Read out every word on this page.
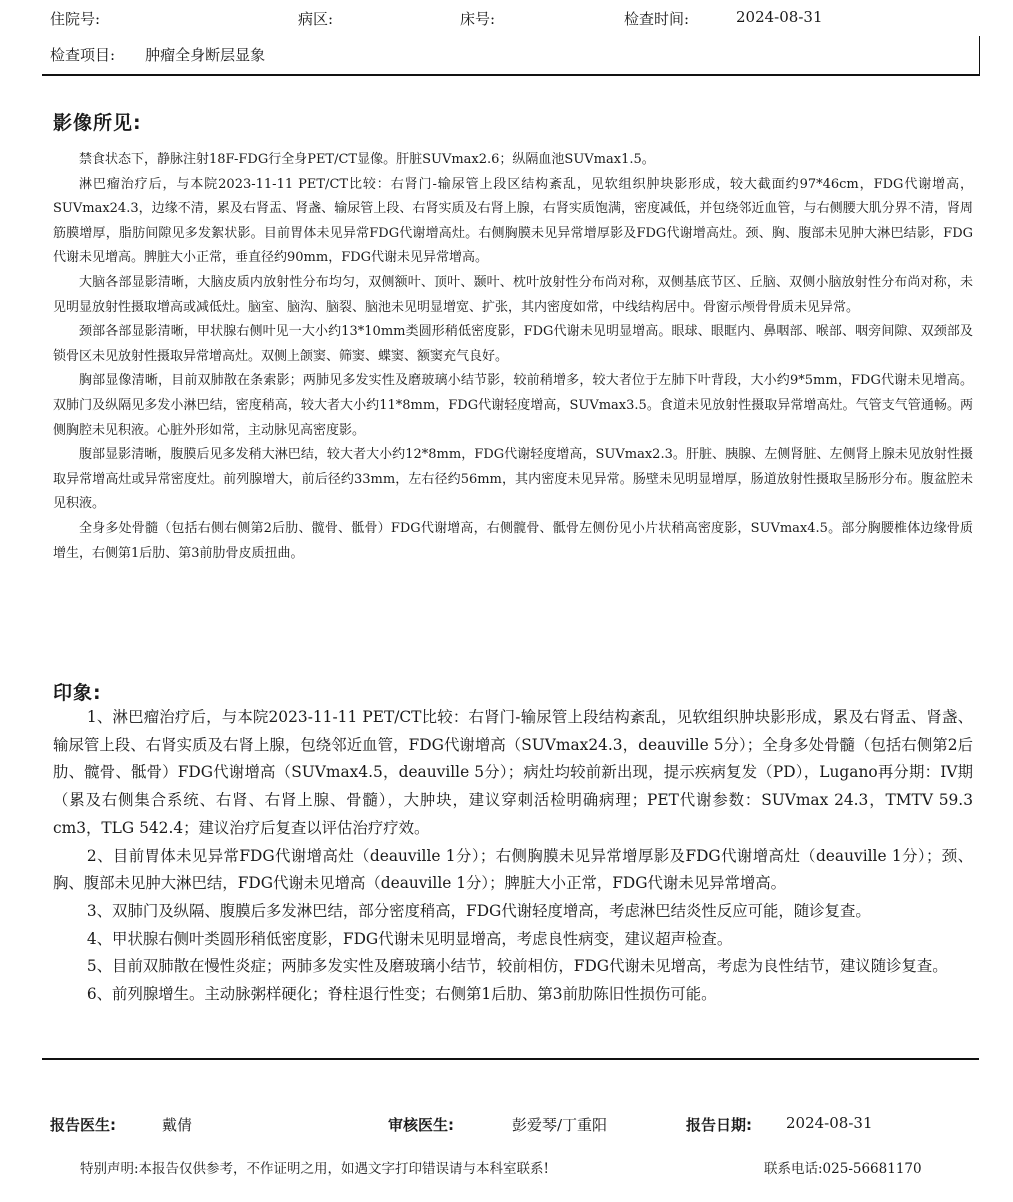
住院号:	病区:	床号:	检查时间:	2024-08-31
检查项目: 肿瘤全身断层显象
影像所见:

禁食状态下，静脉注射18F-FDG行全身PET/CT显像。肝脏SUVmax2.6；纵隔血池SUVmax1.5。

淋巴瘤治疗后，与本院2023-11-11 PET/CT比较：右肾门-输尿管上段区结构紊乱，见软组织肿块影形成，较大截面约97*46cm，FDG代谢增高，SUVmax24.3，边缘不清，累及右肾盂、肾盏、输尿管上段、右肾实质及右肾上腺，右肾实质饱满，密度减低，并包绕邻近血管，与右侧腰大肌分界不清，肾周筋膜增厚，脂肪间隙见多发絮状影。目前胃体未见异常FDG代谢增高灶。右侧胸膜未见异常增厚影及FDG代谢增高灶。颈、胸、腹部未见肿大淋巴结影，FDG代谢未见增高。脾脏大小正常，垂直径约90mm，FDG代谢未见异常增高。

大脑各部显影清晰，大脑皮质内放射性分布均匀，双侧额叶、顶叶、颞叶、枕叶放射性分布尚对称，双侧基底节区、丘脑、双侧小脑放射性分布尚对称，未见明显放射性摄取增高或减低灶。脑室、脑沟、脑裂、脑池未见明显增宽、扩张，其内密度如常，中线结构居中。骨窗示颅骨骨质未见异常。

颈部各部显影清晰，甲状腺右侧叶见一大小约13*10mm类圆形稍低密度影，FDG代谢未见明显增高。眼球、眼眶内、鼻咽部、喉部、咽旁间隙、双颈部及锁骨区未见放射性摄取异常增高灶。双侧上颌窦、筛窦、蝶窦、额窦充气良好。

胸部显像清晰，目前双肺散在条索影；两肺见多发实性及磨玻璃小结节影，较前稍增多，较大者位于左肺下叶背段，大小约9*5mm，FDG代谢未见增高。双肺门及纵隔见多发小淋巴结，密度稍高，较大者大小约11*8mm，FDG代谢轻度增高，SUVmax3.5。食道未见放射性摄取异常增高灶。气管支气管通畅。两侧胸腔未见积液。心脏外形如常，主动脉见高密度影。

腹部显影清晰，腹膜后见多发稍大淋巴结，较大者大小约12*8mm，FDG代谢轻度增高，SUVmax2.3。肝脏、胰腺、左侧肾脏、左侧肾上腺未见放射性摄取异常增高灶或异常密度灶。前列腺增大，前后径约33mm，左右径约56mm，其内密度未见异常。肠壁未见明显增厚，肠道放射性摄取呈肠形分布。腹盆腔未见积液。

全身多处骨髓（包括右侧右侧第2后肋、髋骨、骶骨）FDG代谢增高，右侧髋骨、骶骨左侧份见小片状稍高密度影，SUVmax4.5。部分胸腰椎体边缘骨质增生，右侧第1后肋、第3前肋骨皮质扭曲。

印象:

1、淋巴瘤治疗后，与本院2023-11-11 PET/CT比较：右肾门-输尿管上段结构紊乱，见软组织肿块影形成，累及右肾盂、肾盏、输尿管上段、右肾实质及右肾上腺，包绕邻近血管，FDG代谢增高（SUVmax24.3，deauville 5分）；全身多处骨髓（包括右侧第2后肋、髋骨、骶骨）FDG代谢增高（SUVmax4.5，deauville 5分）；病灶均较前新出现，提示疾病复发（PD），Lugano再分期：IV期（累及右侧集合系统、右肾、右肾上腺、骨髓），大肿块，建议穿刺活检明确病理；PET代谢参数：SUVmax 24.3，TMTV 59.3 cm3，TLG 542.4；建议治疗后复查以评估治疗疗效。

2、目前胃体未见异常FDG代谢增高灶（deauville 1分）；右侧胸膜未见异常增厚影及FDG代谢增高灶（deauville 1分）；颈、胸、腹部未见肿大淋巴结，FDG代谢未见增高（deauville 1分）；脾脏大小正常，FDG代谢未见异常增高。

3、双肺门及纵隔、腹膜后多发淋巴结，部分密度稍高，FDG代谢轻度增高，考虑淋巴结炎性反应可能，随诊复查。

4、甲状腺右侧叶类圆形稍低密度影，FDG代谢未见明显增高，考虑良性病变，建议超声检查。

5、目前双肺散在慢性炎症；两肺多发实性及磨玻璃小结节，较前相仿，FDG代谢未见增高，考虑为良性结节，建议随诊复查。

6、前列腺增生。主动脉粥样硬化；脊柱退行性变；右侧第1后肋、第3前肋陈旧性损伤可能。

报告医生:	戴倩	审核医生:	彭爱琴/丁重阳	报告日期: 2024-08-31
特别声明:本报告仅供参考，不作证明之用，如遇文字打印错误请与本科室联系!	联系电话:025-56681170
